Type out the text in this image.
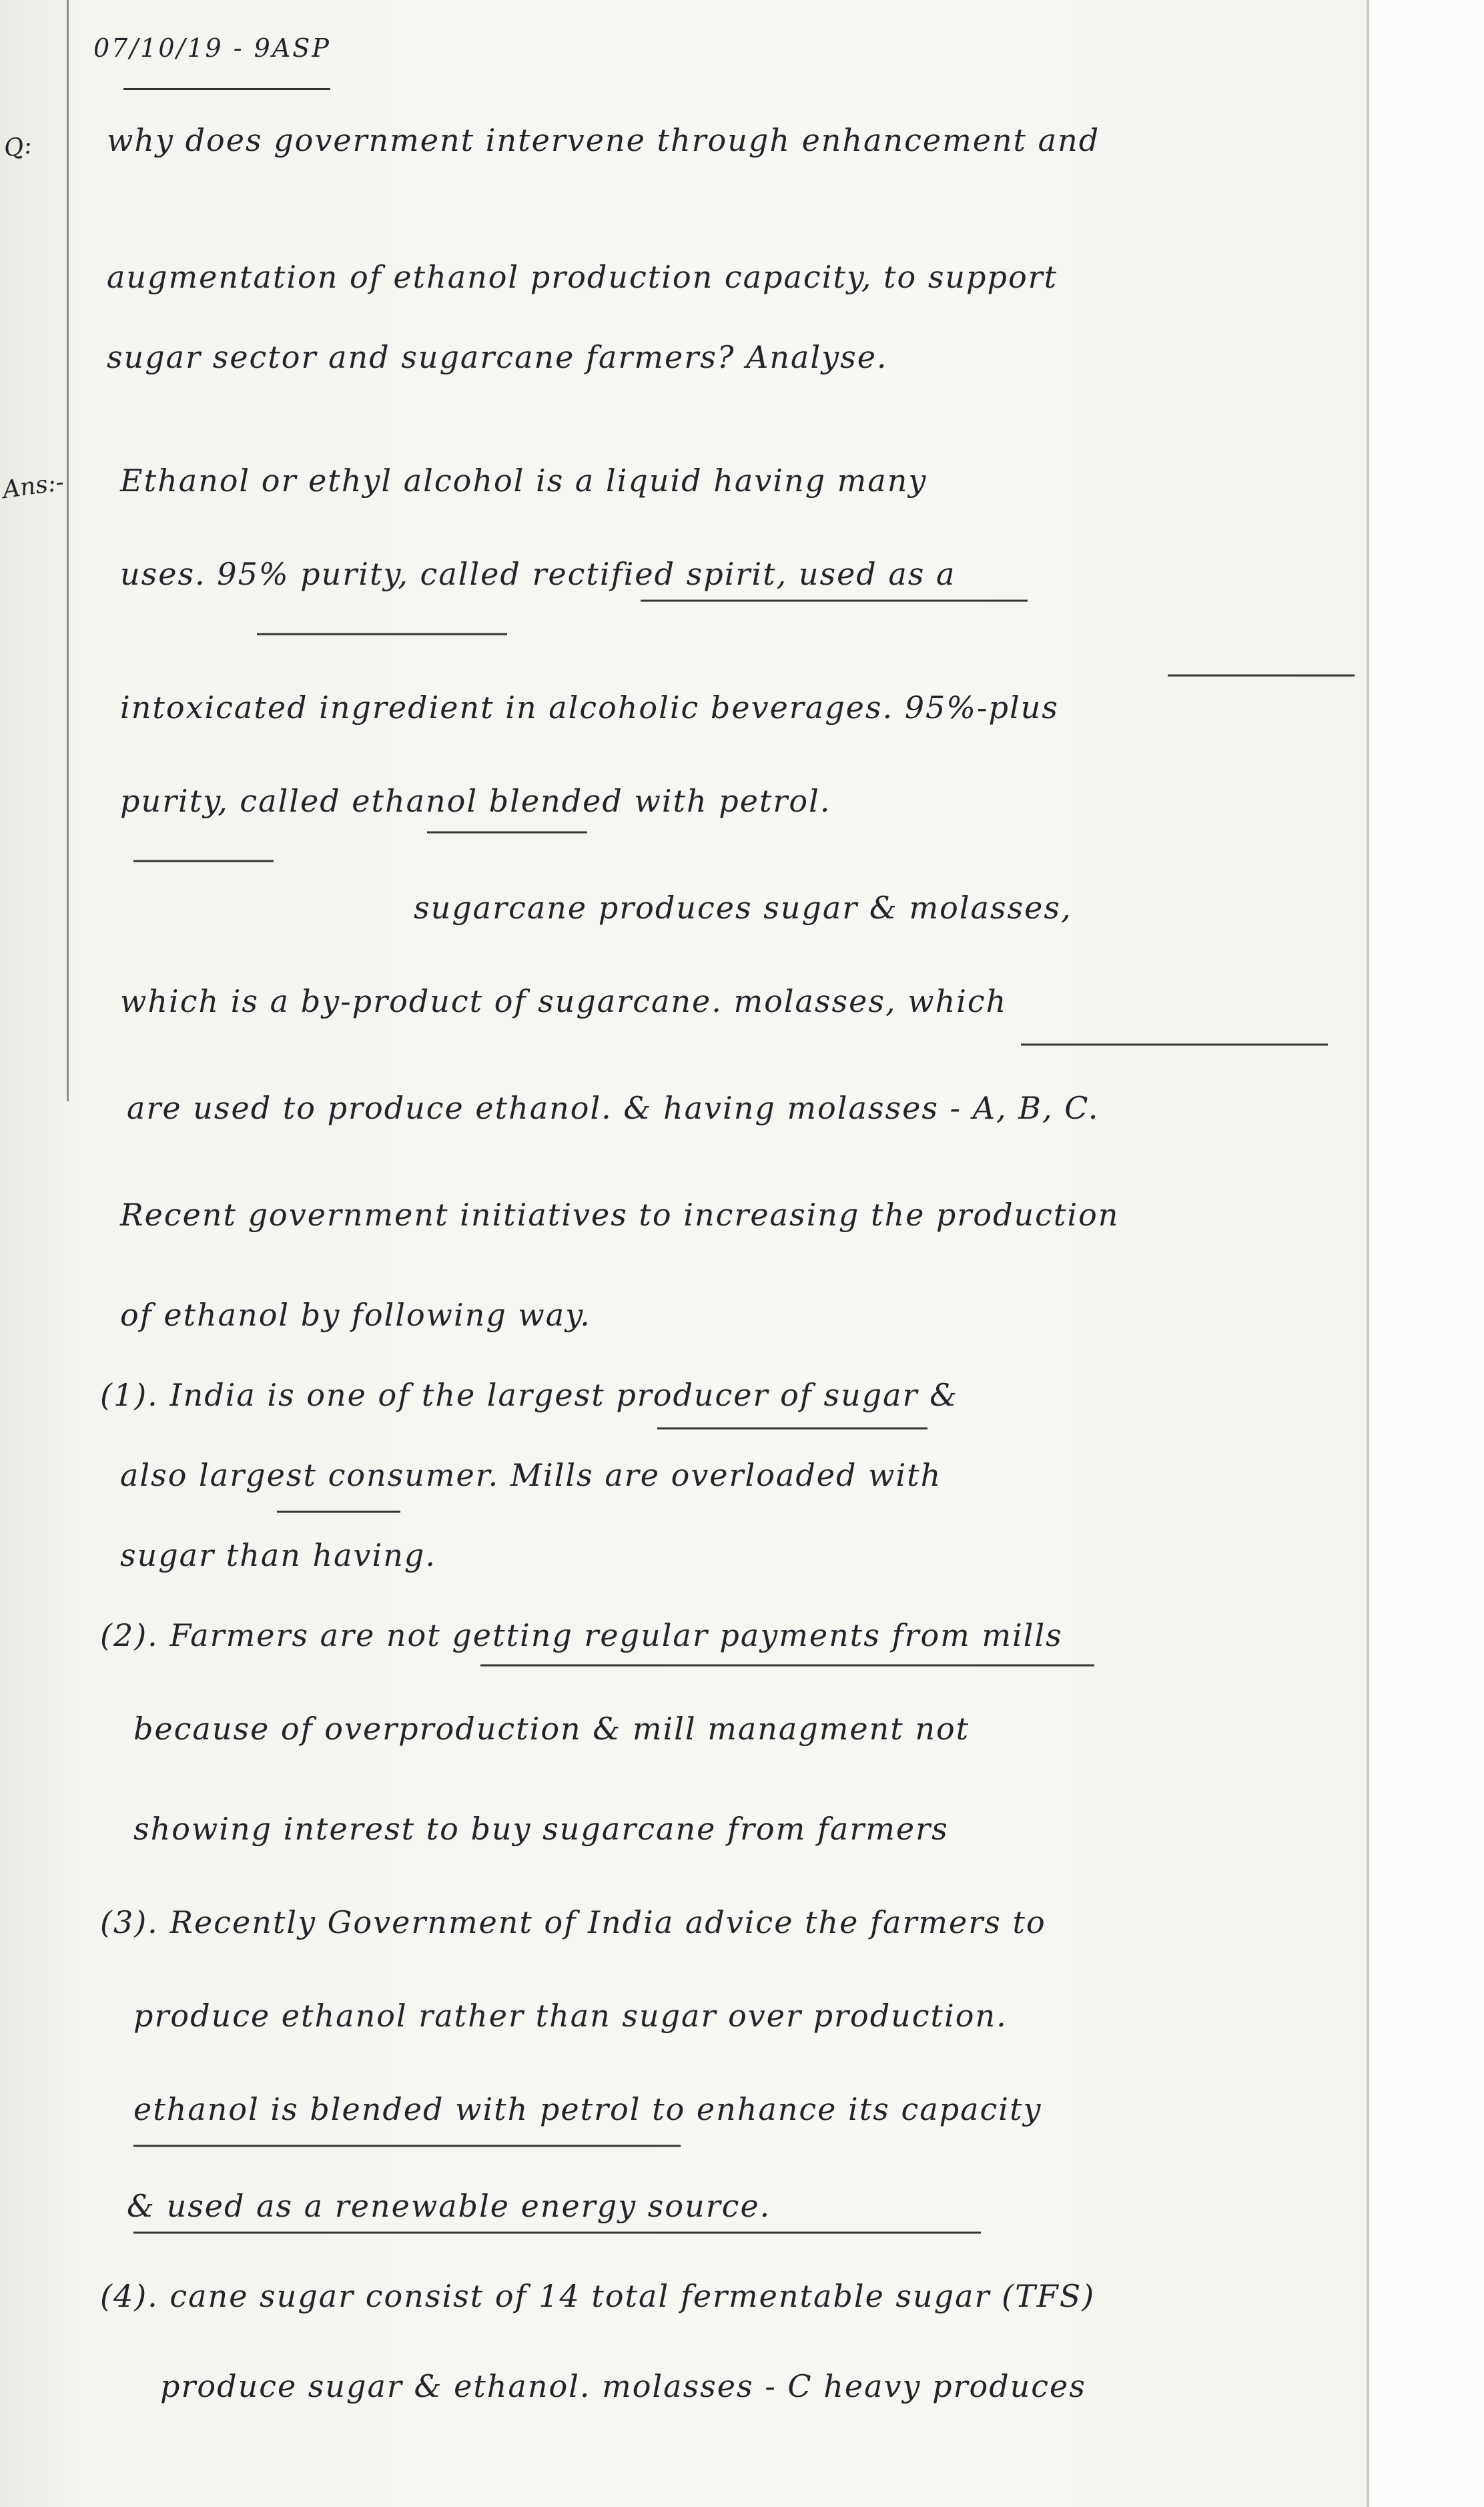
07/10/19 - 9ASP
Q:
Ans:-
why does government intervene through enhancement and
augmentation of ethanol production capacity, to support
sugar sector and sugarcane farmers? Analyse.
Ethanol or ethyl alcohol is a liquid having many
uses. 95% purity, called rectified spirit, used as a
intoxicated ingredient in alcoholic beverages. 95%-plus
purity, called ethanol blended with petrol.
sugarcane produces sugar & molasses,
which is a by-product of sugarcane. molasses, which
are used to produce ethanol. & having molasses - A, B, C.
Recent government initiatives to increasing the production
of ethanol by following way.
(1). India is one of the largest producer of sugar &
also largest consumer. Mills are overloaded with
sugar than having.
(2). Farmers are not getting regular payments from mills
because of overproduction & mill managment not
showing interest to buy sugarcane from farmers
(3). Recently Government of India advice the farmers to
produce ethanol rather than sugar over production.
ethanol is blended with petrol to enhance its capacity
& used as a renewable energy source.
(4). cane sugar consist of 14 total fermentable sugar (TFS)
produce sugar & ethanol. molasses - C heavy produces
